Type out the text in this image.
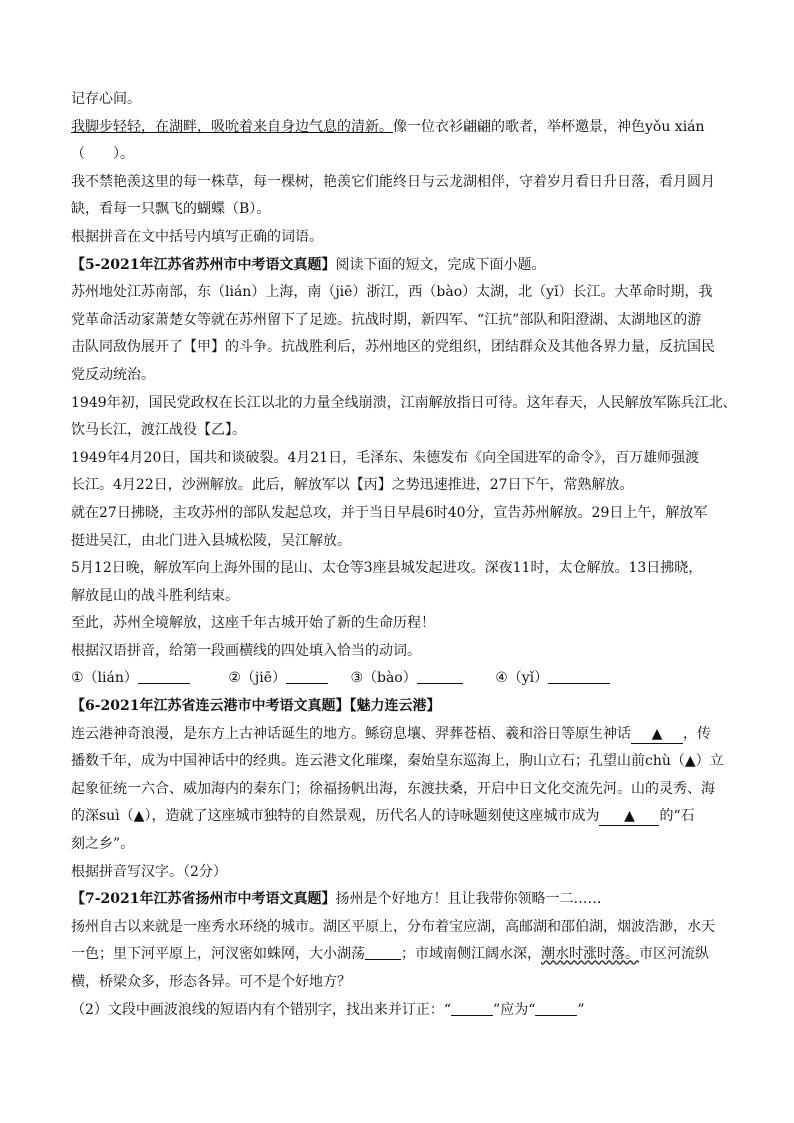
记存心间。
我脚步轻轻，在湖畔，吸吮着来自身边气息的清新。像一位衣衫翩翩的歌者，举杯邀景，神色yǒu xián
（　　）。
我不禁艳羡这里的每一株草，每一棵树，艳羡它们能终日与云龙湖相伴，守着岁月看日升日落，看月圆月
缺，看每一只飘飞的蝴蝶（B）。
根据拼音在文中括号内填写正确的词语。
【5-2021年江苏省苏州市中考语文真题】阅读下面的短文，完成下面小题。
苏州地处江苏南部，东（lián）上海，南（jiē）浙江，西（bào）太湖，北（yǐ）长江。大革命时期，我
党革命活动家萧楚女等就在苏州留下了足迹。抗战时期，新四军、“江抗”部队和阳澄湖、太湖地区的游
击队同敌伪展开了【甲】的斗争。抗战胜利后，苏州地区的党组织，团结群众及其他各界力量，反抗国民
党反动统治。
1949年初，国民党政权在长江以北的力量全线崩溃，江南解放指日可待。这年春天，人民解放军陈兵江北、
饮马长江，渡江战役【乙】。
1949年4月20日，国共和谈破裂。4月21日，毛泽东、朱德发布《向全国进军的命令》，百万雄师强渡
长江。4月22日，沙洲解放。此后，解放军以【丙】之势迅速推进，27日下午，常熟解放。
就在27日拂晓，主攻苏州的部队发起总攻，并于当日早晨6时40分，宣告苏州解放。29日上午，解放军
挺进吴江，由北门进入县城松陵，吴江解放。
5月12日晚，解放军向上海外围的昆山、太仓等3座县城发起进攻。深夜11时，太仓解放。13日拂晓，
解放昆山的战斗胜利结束。
至此，苏州全境解放，这座千年古城开始了新的生命历程！
根据汉语拼音，给第一段画横线的四处填入恰当的动词。
①（lián）	②（jiē）	③（bào）	④（yǐ）
【6-2021年江苏省连云港市中考语文真题】【魅力连云港】
连云港神奇浪漫，是东方上古神话诞生的地方。鲧窃息壤、羿葬苍梧、羲和浴日等原生神话 ▲ ，传
播数千年，成为中国神话中的经典。连云港文化璀璨，秦始皇东巡海上，朐山立石；孔望山前chù（▲）立
起象征统一六合、威加海内的秦东门；徐福扬帆出海，东渡扶桑，开启中日文化交流先河。山的灵秀、海
的深suì（▲），造就了这座城市独特的自然景观，历代名人的诗咏题刻使这座城市成为 ▲ 的“石
刻之乡”。
根据拼音写汉字。（2分）
【7-2021年江苏省扬州市中考语文真题】扬州是个好地方！且让我带你领略一二……
扬州自古以来就是一座秀水环绕的城市。湖区平原上，分布着宝应湖，高邮湖和邵伯湖，烟波浩渺，水天
一色；里下河平原上，河汊密如蛛网，大小湖荡	；市域南侧江阔水深，潮水时涨时落。市区河流纵
横，桥梁众多，形态各异。可不是个好地方？
（2）文段中画波浪线的短语内有个错别字，找出来并订正：“	”应为“	”
